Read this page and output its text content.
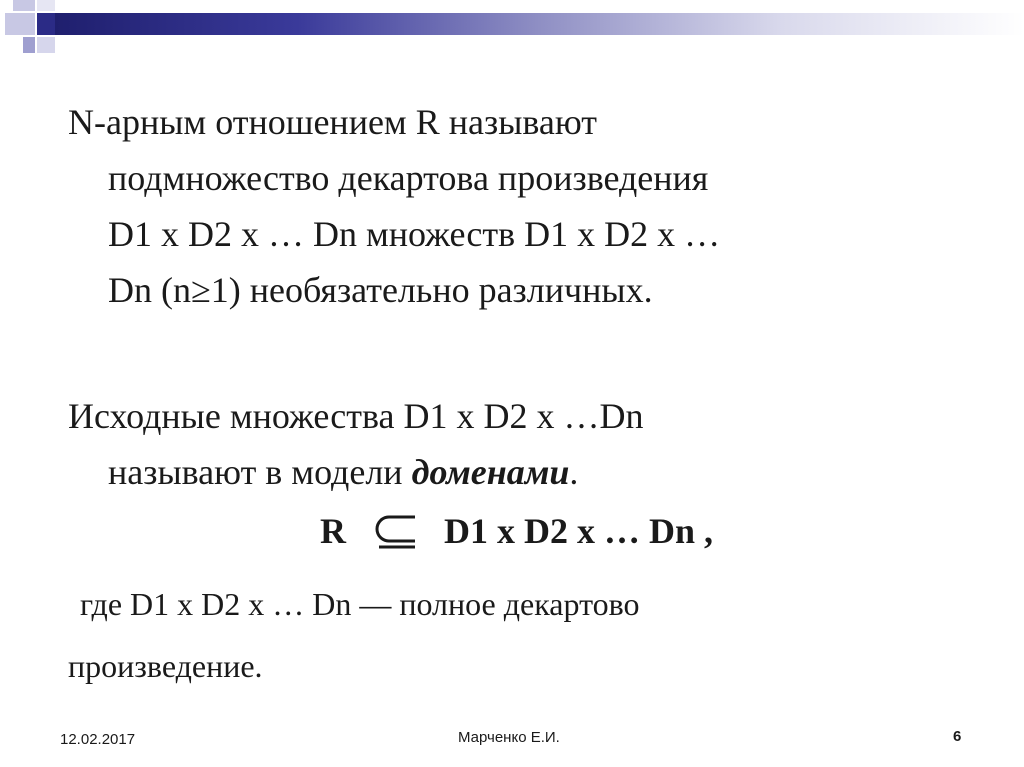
N-арным отношением R называют
подмножество декартова произведения
D1 x D2 x … Dn множеств D1 x D2 x …
Dn (n≥1) необязательно различных.

Исходные множества D1 x D2 x …Dn
называют в модели доменами.

R	D1 x D2 x … Dn ,
где D1 x D2 x … Dn — полное декартово
произведение.
12.02.2017	Марченко Е.И.	6
